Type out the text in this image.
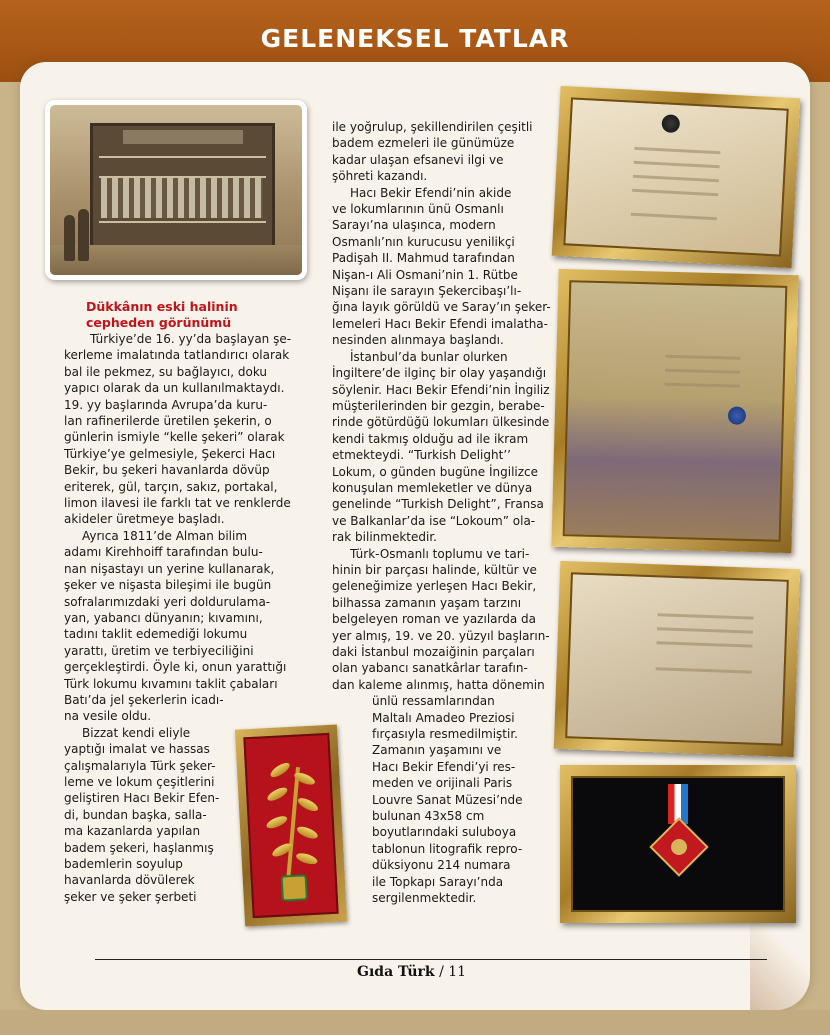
GELENEKSEL TATLAR
Dükkânın eski halinin
cepheden görünümü
Türkiye’de 16. yy’da başlayan şe-
kerleme imalatında tatlandırıcı olarak
bal ile pekmez, su bağlayıcı, doku
yapıcı olarak da un kullanılmaktaydı.
19. yy başlarında Avrupa’da kuru-
lan rafinerilerde üretilen şekerin, o
günlerin ismiyle “kelle şekeri” olarak
Türkiye’ye gelmesiyle, Şekerci Hacı
Bekir, bu şekeri havanlarda dövüp
eriterek, gül, tarçın, sakız, portakal,
limon ilavesi ile farklı tat ve renklerde
akideler üretmeye başladı.
Ayrıca 1811’de Alman bilim
adamı Kirehhoiff tarafından bulu-
nan nişastayı un yerine kullanarak,
şeker ve nişasta bileşimi ile bugün
sofralarımızdaki yeri doldurulama-
yan, yabancı dünyanın; kıvamını,
tadını taklit edemediği lokumu
yarattı, üretim ve terbiyeciliğini
gerçekleştirdi. Öyle ki, onun yarattığı
Türk lokumu kıvamını taklit çabaları
Batı’da jel şekerlerin icadı-
na vesile oldu.
Bizzat kendi eliyle
yaptığı imalat ve hassas
çalışmalarıyla Türk şeker-
leme ve lokum çeşitlerini
geliştiren Hacı Bekir Efen-
di, bundan başka, salla-
ma kazanlarda yapılan
badem şekeri, haşlanmış
bademlerin soyulup
havanlarda dövülerek
şeker ve şeker şerbeti
ile yoğrulup, şekillendirilen çeşitli
badem ezmeleri ile günümüze
kadar ulaşan efsanevi ilgi ve
şöhreti kazandı.
Hacı Bekir Efendi’nin akide
ve lokumlarının ünü Osmanlı
Sarayı’na ulaşınca, modern
Osmanlı’nın kurucusu yenilikçi
Padişah II. Mahmud tarafından
Nişan-ı Ali Osmani’nin 1. Rütbe
Nişanı ile sarayın Şekercibaşı’lı-
ğına layık görüldü ve Saray’ın şeker-
lemeleri Hacı Bekir Efendi imalatha-
nesinden alınmaya başlandı.
İstanbul’da bunlar olurken
İngiltere’de ilginç bir olay yaşandığı
söylenir. Hacı Bekir Efendi’nin İngiliz
müşterilerinden bir gezgin, berabe-
rinde götürdüğü lokumları ülkesinde
kendi takmış olduğu ad ile ikram
etmekteydi. “Turkish Delight’’
Lokum, o günden bugüne İngilizce
konuşulan memleketler ve dünya
genelinde “Turkish Delight”, Fransa
ve Balkanlar’da ise “Lokoum” ola-
rak bilinmektedir.
Türk-Osmanlı toplumu ve tari-
hinin bir parçası halinde, kültür ve
geleneğimize yerleşen Hacı Bekir,
bilhassa zamanın yaşam tarzını
belgeleyen roman ve yazılarda da
yer almış, 19. ve 20. yüzyıl başların-
daki İstanbul mozaiğinin parçaları
olan yabancı sanatkârlar tarafın-
dan kaleme alınmış, hatta dönemin
ünlü ressamlarından
Maltalı Amadeo Preziosi
fırçasıyla resmedilmiştir.
Zamanın yaşamını ve
Hacı Bekir Efendi’yi res-
meden ve orijinali Paris
Louvre Sanat Müzesi’nde
bulunan 43x58 cm
boyutlarındaki suluboya
tablonun litografik repro-
düksiyonu 214 numara
ile Topkapı Sarayı’nda
sergilenmektedir.
Gıda Türk / 11
